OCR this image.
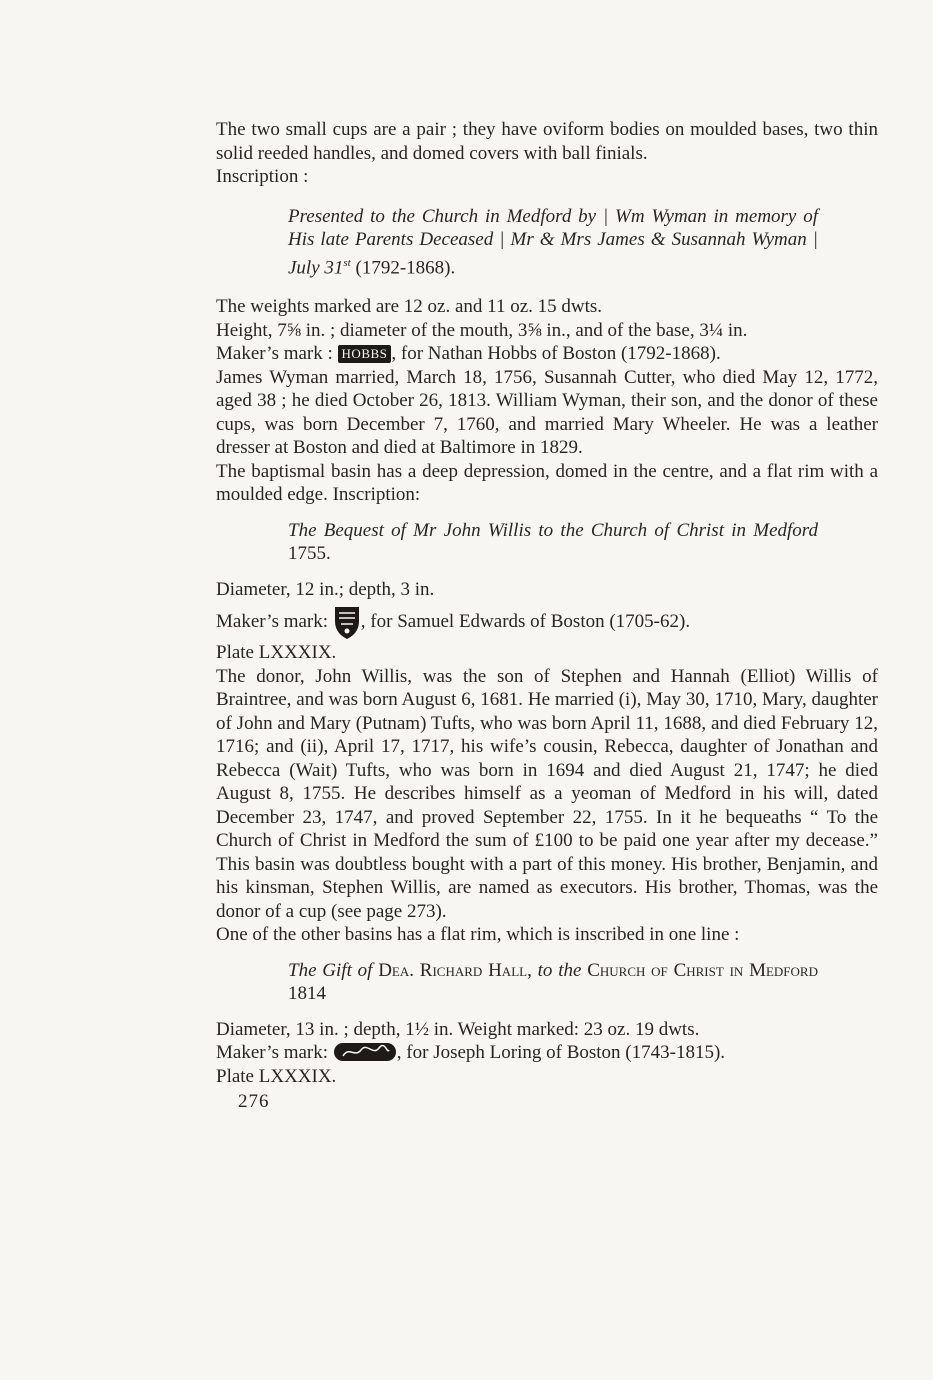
The two small cups are a pair ; they have oviform bodies on moulded bases, two thin solid reeded handles, and domed covers with ball finials.

Inscription :

Presented to the Church in Medford by | Wm Wyman in memory of His late Parents Deceased | Mr & Mrs James & Susannah Wyman | July 31st (1792-1868).

The weights marked are 12 oz. and 11 oz. 15 dwts.

Height, 7⅝ in. ; diameter of the mouth, 3⅝ in., and of the base, 3¼ in.

Maker’s mark : HOBBS , for Nathan Hobbs of Boston (1792-1868).

James Wyman married, March 18, 1756, Susannah Cutter, who died May 12, 1772, aged 38 ; he died October 26, 1813. William Wyman, their son, and the donor of these cups, was born December 7, 1760, and married Mary Wheeler. He was a leather dresser at Boston and died at Baltimore in 1829.

The baptismal basin has a deep depression, domed in the centre, and a flat rim with a moulded edge. Inscription:

The Bequest of Mr John Willis to the Church of Christ in Medford 1755.

Diameter, 12 in.; depth, 3 in.

Maker’s mark: , for Samuel Edwards of Boston (1705-62).

Plate LXXXIX.

The donor, John Willis, was the son of Stephen and Hannah (Elliot) Willis of Braintree, and was born August 6, 1681. He married (i), May 30, 1710, Mary, daughter of John and Mary (Putnam) Tufts, who was born April 11, 1688, and died February 12, 1716; and (ii), April 17, 1717, his wife’s cousin, Rebecca, daughter of Jonathan and Rebecca (Wait) Tufts, who was born in 1694 and died August 21, 1747; he died August 8, 1755. He describes himself as a yeoman of Medford in his will, dated December 23, 1747, and proved September 22, 1755. In it he bequeaths “ To the Church of Christ in Medford the sum of £100 to be paid one year after my decease.” This basin was doubtless bought with a part of this money. His brother, Benjamin, and his kinsman, Stephen Willis, are named as executors. His brother, Thomas, was the donor of a cup (see page 273).

One of the other basins has a flat rim, which is inscribed in one line :

The Gift of Dea. Richard Hall, to the Church of Christ in Medford 1814

Diameter, 13 in. ; depth, 1½ in. Weight marked: 23 oz. 19 dwts.

Maker’s mark:	, for Joseph Loring of Boston (1743-1815).

Plate LXXXIX.

276
